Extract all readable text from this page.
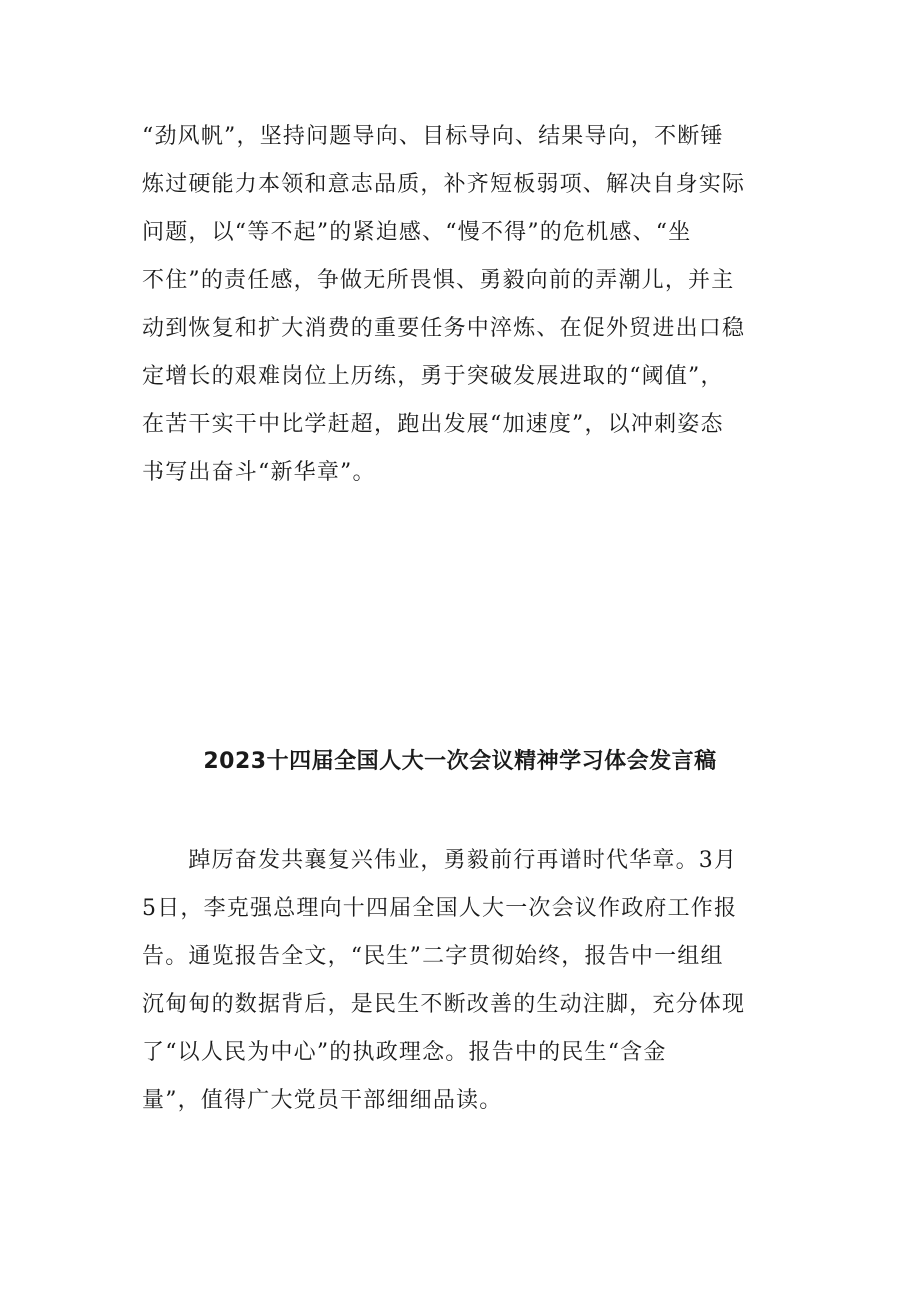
“劲风帆”，坚持问题导向、目标导向、结果导向，不断锤
炼过硬能力本领和意志品质，补齐短板弱项、解决自身实际
问题，以“等不起”的紧迫感、“慢不得”的危机感、“坐
不住”的责任感，争做无所畏惧、勇毅向前的弄潮儿，并主
动到恢复和扩大消费的重要任务中淬炼、在促外贸进出口稳
定增长的艰难岗位上历练，勇于突破发展进取的“阈值”，
在苦干实干中比学赶超，跑出发展“加速度”，以冲刺姿态
书写出奋斗“新华章”。
2023十四届全国人大一次会议精神学习体会发言稿
　　踔厉奋发共襄复兴伟业，勇毅前行再谱时代华章。3月
5日，李克强总理向十四届全国人大一次会议作政府工作报
告。通览报告全文，“民生”二字贯彻始终，报告中一组组
沉甸甸的数据背后，是民生不断改善的生动注脚，充分体现
了“以人民为中心”的执政理念。报告中的民生“含金
量”，值得广大党员干部细细品读。
